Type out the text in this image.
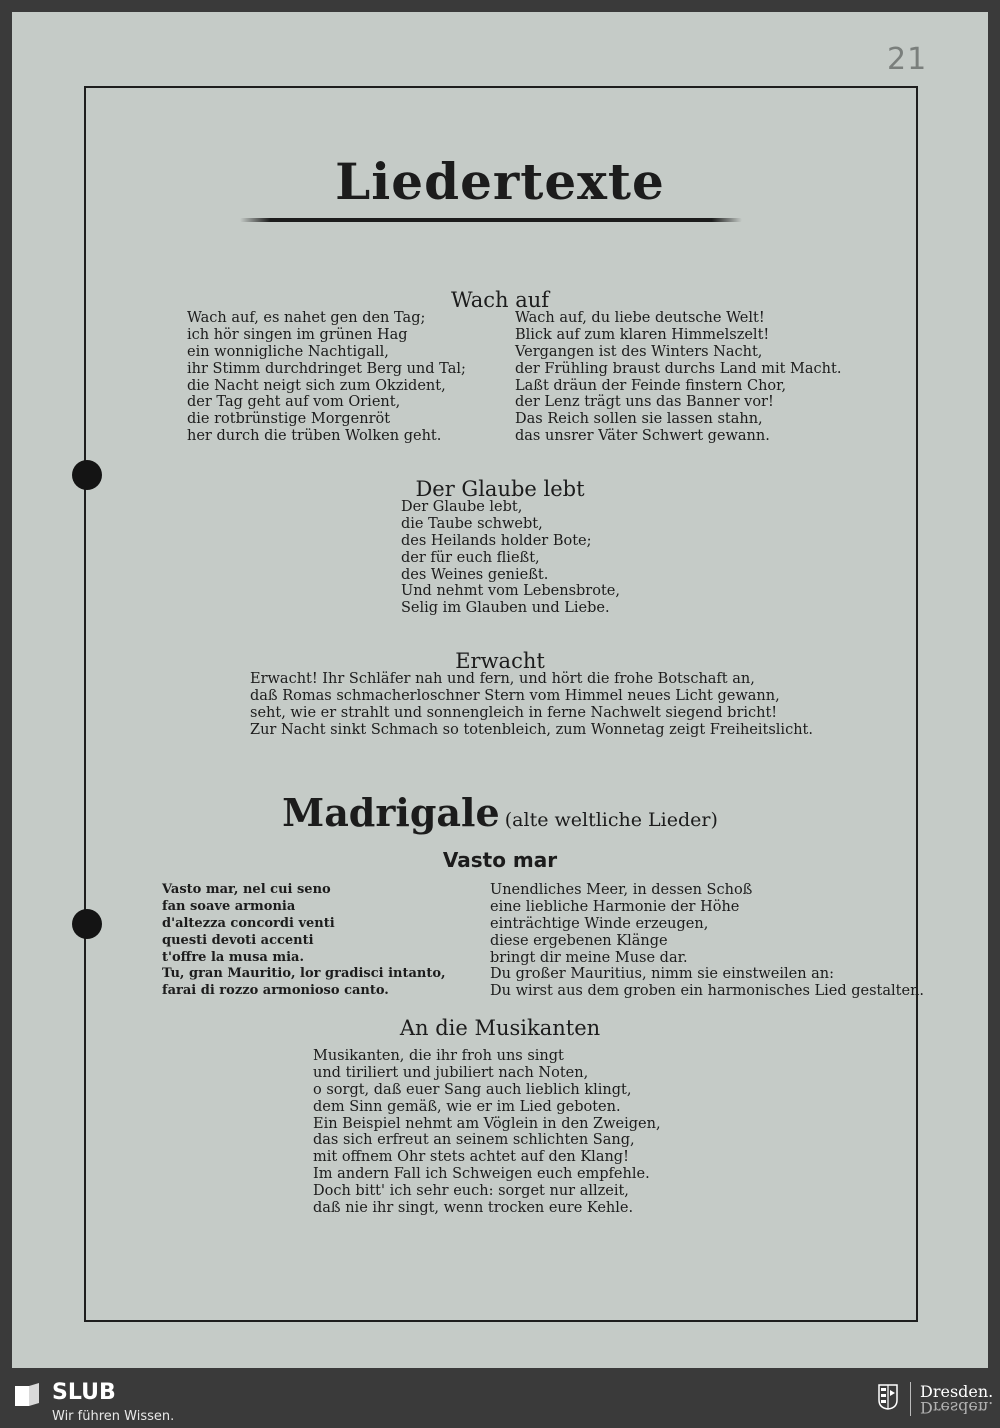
21
Liedertexte
Wach auf
Wach auf, es nahet gen den Tag;
ich hör singen im grünen Hag
ein wonnigliche Nachtigall,
ihr Stimm durchdringet Berg und Tal;
die Nacht neigt sich zum Okzident,
der Tag geht auf vom Orient,
die rotbrünstige Morgenröt
her durch die trüben Wolken geht.
Wach auf, du liebe deutsche Welt!
Blick auf zum klaren Himmelszelt!
Vergangen ist des Winters Nacht,
der Frühling braust durchs Land mit Macht.
Laßt dräun der Feinde finstern Chor,
der Lenz trägt uns das Banner vor!
Das Reich sollen sie lassen stahn,
das unsrer Väter Schwert gewann.
Der Glaube lebt
Der Glaube lebt,
die Taube schwebt,
des Heilands holder Bote;
der für euch fließt,
des Weines genießt.
Und nehmt vom Lebensbrote,
Selig im Glauben und Liebe.
Erwacht
Erwacht! Ihr Schläfer nah und fern, und hört die frohe Botschaft an,
daß Romas schmacherloschner Stern vom Himmel neues Licht gewann,
seht, wie er strahlt und sonnengleich in ferne Nachwelt siegend bricht!
Zur Nacht sinkt Schmach so totenbleich, zum Wonnetag zeigt Freiheitslicht.
Madrigale (alte weltliche Lieder)
Vasto mar
Vasto mar, nel cui seno
fan soave armonia
d'altezza concordi venti
questi devoti accenti
t'offre la musa mia.
Tu, gran Mauritio, lor gradisci intanto,
farai di rozzo armonioso canto.
Unendliches Meer, in dessen Schoß
eine liebliche Harmonie der Höhe
einträchtige Winde erzeugen,
diese ergebenen Klänge
bringt dir meine Muse dar.
Du großer Mauritius, nimm sie einstweilen an:
Du wirst aus dem groben ein harmonisches Lied gestalten.
An die Musikanten
Musikanten, die ihr froh uns singt
und tiriliert und jubiliert nach Noten,
o sorgt, daß euer Sang auch lieblich klingt,
dem Sinn gemäß, wie er im Lied geboten.
Ein Beispiel nehmt am Vöglein in den Zweigen,
das sich erfreut an seinem schlichten Sang,
mit offnem Ohr stets achtet auf den Klang!
Im andern Fall ich Schweigen euch empfehle.
Doch bitt' ich sehr euch: sorget nur allzeit,
daß nie ihr singt, wenn trocken eure Kehle.
SLUB
Wir führen Wissen.
Dresden.
Dresden.
